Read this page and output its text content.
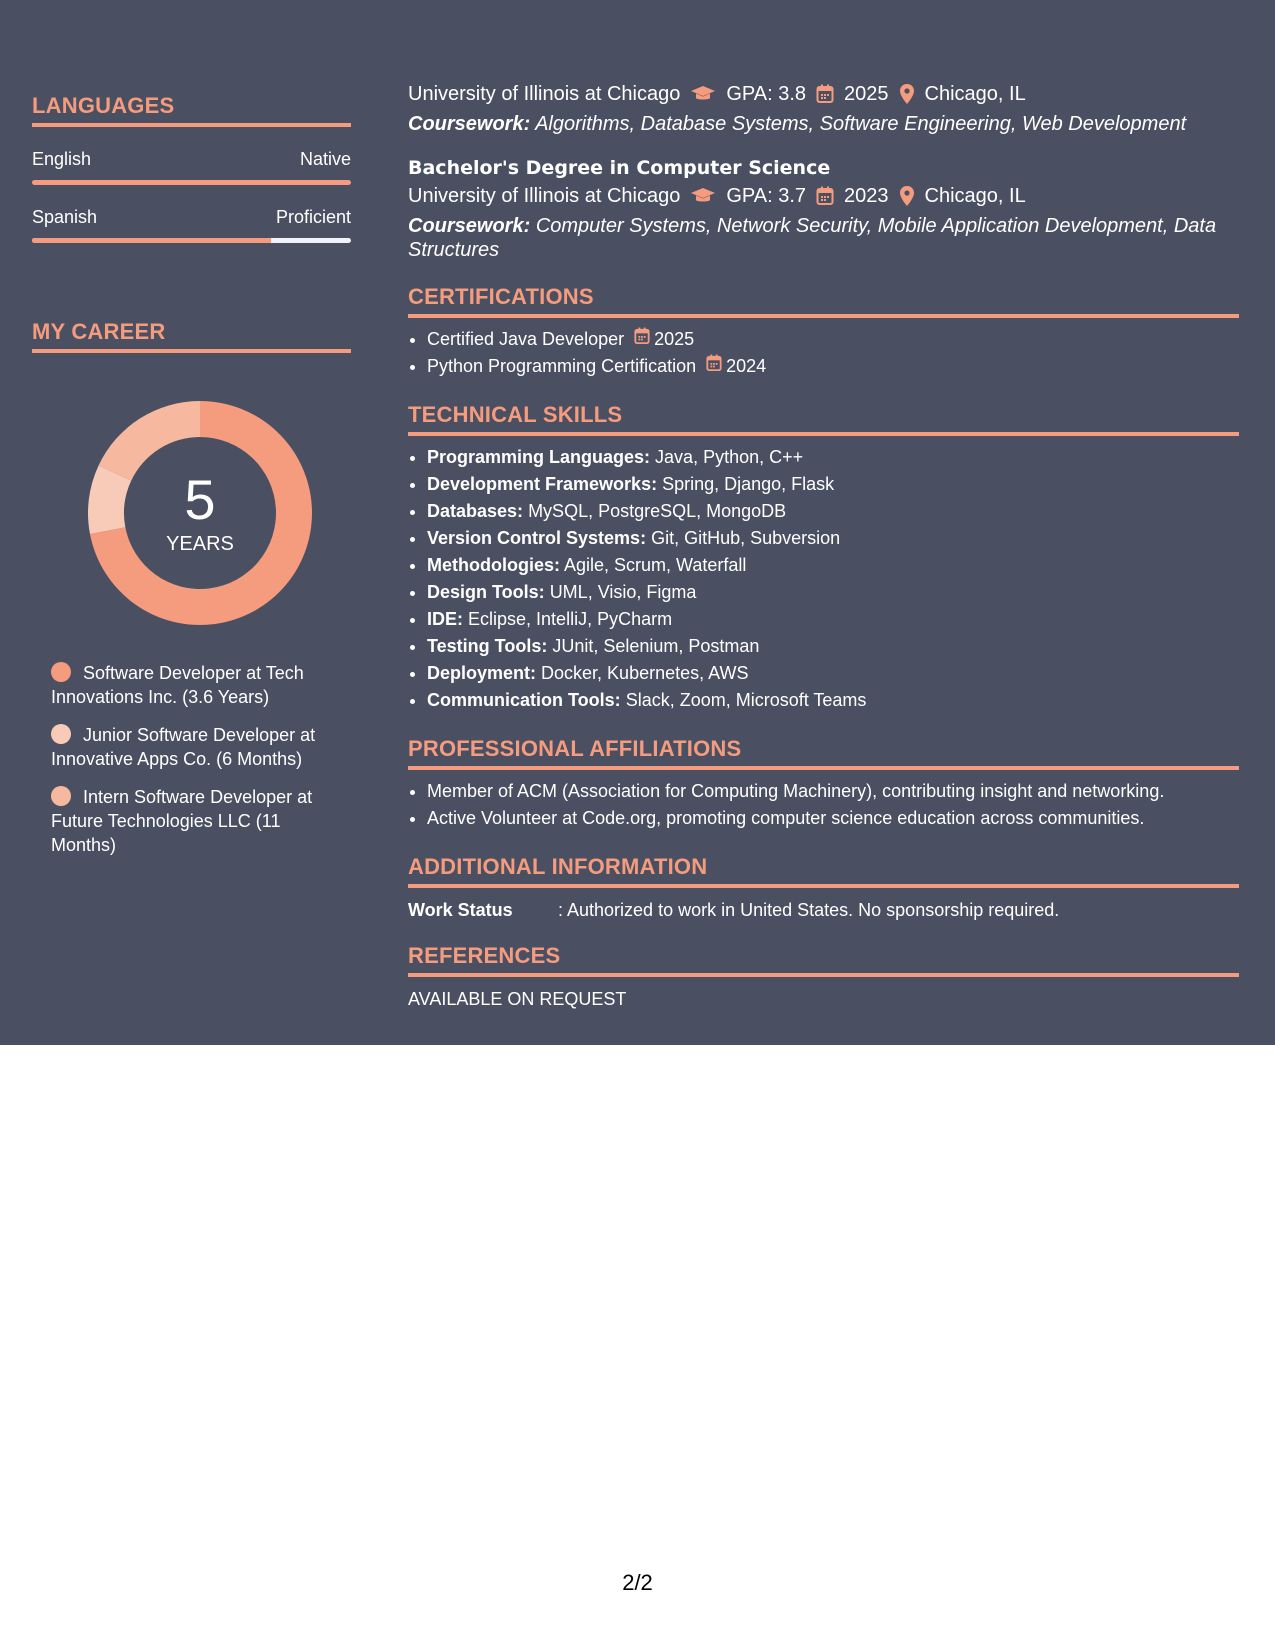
LANGUAGES
English	Native
Spanish	Proficient
MY CAREER
5
YEARS
Software Developer at Tech Innovations Inc. (3.6 Years)
Junior Software Developer at Innovative Apps Co. (6 Months)
Intern Software Developer at Future Technologies LLC (11 Months)
University of Illinois at Chicago GPA: 3.8 2025 Chicago, IL
Coursework: Algorithms, Database Systems, Software Engineering, Web Development
Bachelor's Degree in Computer Science
University of Illinois at Chicago GPA: 3.7 2023 Chicago, IL
Coursework: Computer Systems, Network Security, Mobile Application Development, Data Structures
CERTIFICATIONS
• Certified Java Developer 2025
• Python Programming Certification 2024
TECHNICAL SKILLS
• Programming Languages: Java, Python, C++
• Development Frameworks: Spring, Django, Flask
• Databases: MySQL, PostgreSQL, MongoDB
• Version Control Systems: Git, GitHub, Subversion
• Methodologies: Agile, Scrum, Waterfall
• Design Tools: UML, Visio, Figma
• IDE: Eclipse, IntelliJ, PyCharm
• Testing Tools: JUnit, Selenium, Postman
• Deployment: Docker, Kubernetes, AWS
• Communication Tools: Slack, Zoom, Microsoft Teams
PROFESSIONAL AFFILIATIONS
• Member of ACM (Association for Computing Machinery), contributing insight and networking.
• Active Volunteer at Code.org, promoting computer science education across communities.
ADDITIONAL INFORMATION
Work Status	: Authorized to work in United States. No sponsorship required.
REFERENCES
AVAILABLE ON REQUEST
2/2
